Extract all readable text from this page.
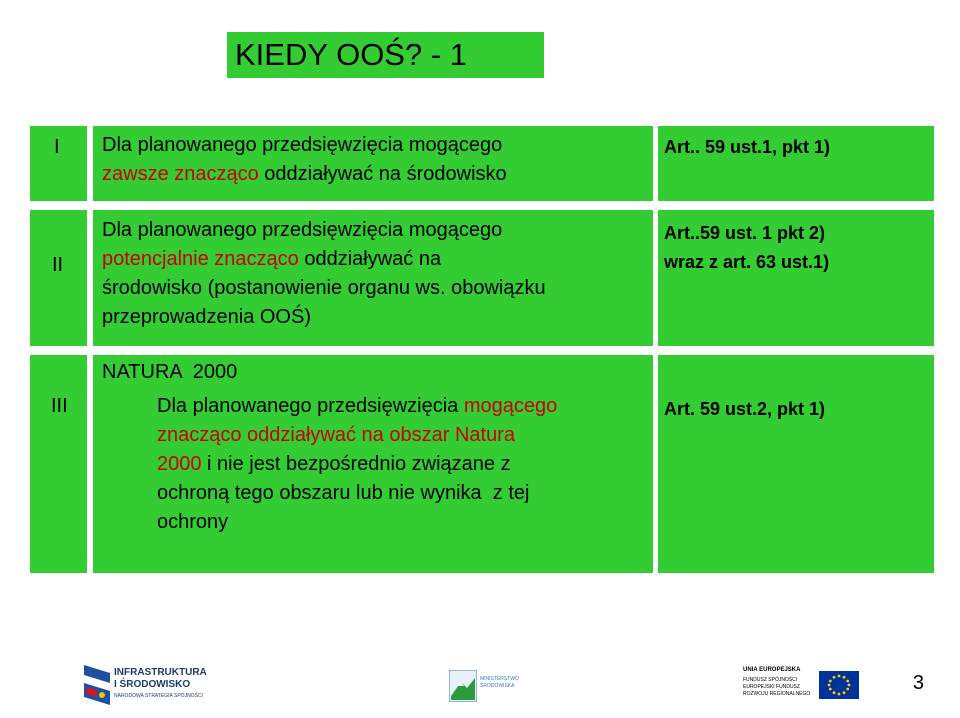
KIEDY OOŚ? - 1
I Dla planowanego przedsięwzięcia mogącego
zawsze znacząco oddziaływać na środowisko
Art.. 59 ust.1, pkt 1)
II
Dla planowanego przedsięwzięcia mogącego
potencjalnie znacząco oddziaływać na
środowisko (postanowienie organu ws. obowiązku
przeprowadzenia OOŚ)
Art..59 ust. 1 pkt 2)
wraz z art. 63 ust.1)
III
NATURA  2000
Dla planowanego przedsięwzięcia mogącego
znacząco oddziaływać na obszar Natura
2000 i nie jest bezpośrednio związane z
ochroną tego obszaru lub nie wynika  z tej
ochrony
Art. 59 ust.2, pkt 1)
INFRASTRUKTURA
I ŚRODOWISKO
NARODOWA STRATEGIA SPÓJNOŚCI
MINISTERSTWO
ŚRODOWISKA
UNIA EUROPEJSKA
FUNDUSZ SPÓJNOŚCI
EUROPEJSKI FUNDUSZ
ROZWOJU REGIONALNEGO	3
